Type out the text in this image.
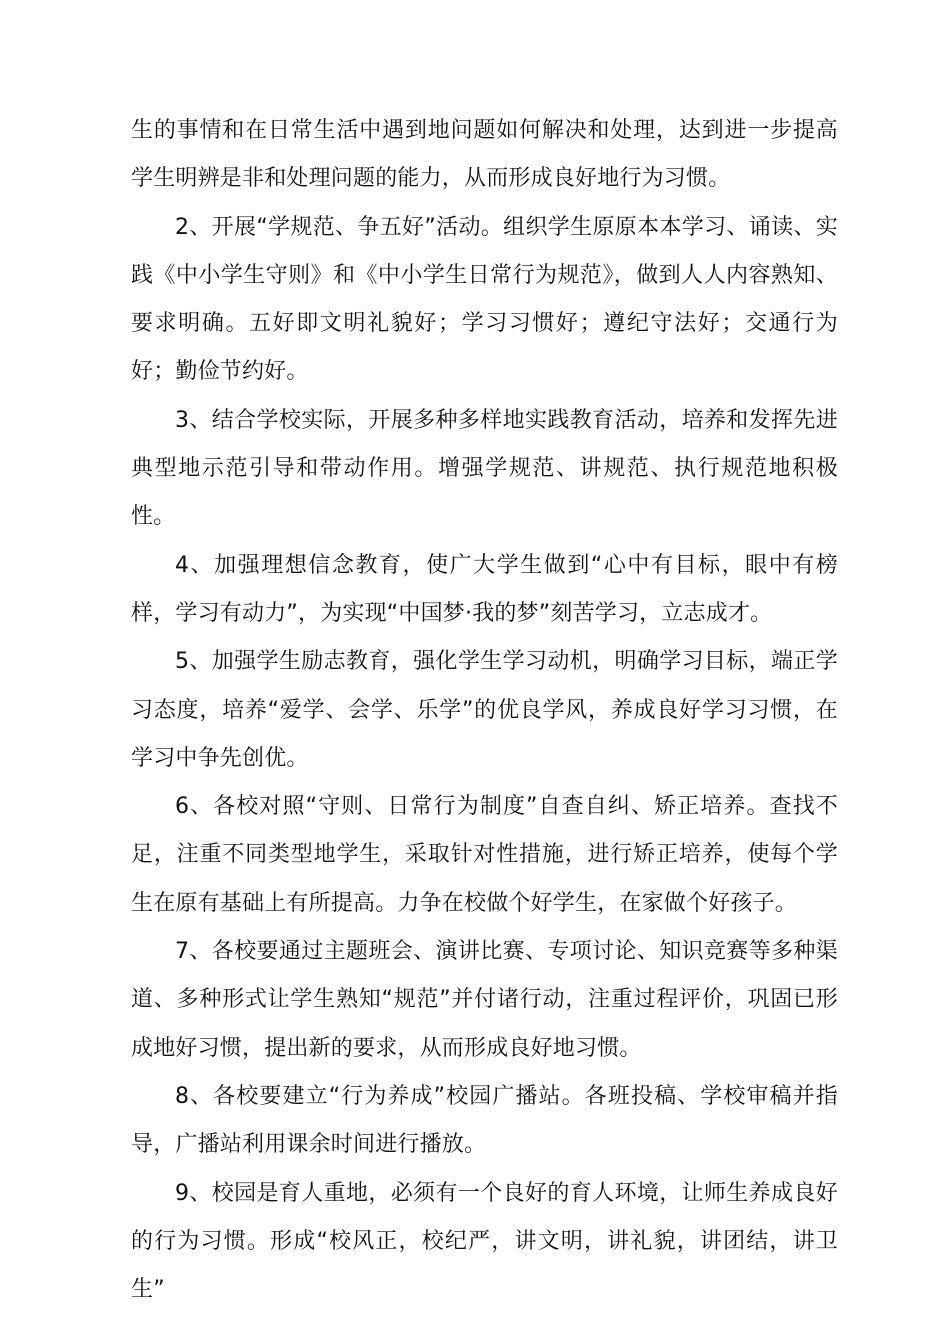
生的事情和在日常生活中遇到地问题如何解决和处理，达到进一步提高学生明辨是非和处理问题的能力，从而形成良好地行为习惯。

2、开展“学规范、争五好”活动。组织学生原原本本学习、诵读、实践《中小学生守则》和《中小学生日常行为规范》，做到人人内容熟知、要求明确。五好即文明礼貌好；学习习惯好；遵纪守法好；交通行为好；勤俭节约好。

3、结合学校实际，开展多种多样地实践教育活动，培养和发挥先进典型地示范引导和带动作用。增强学规范、讲规范、执行规范地积极性。

4、加强理想信念教育，使广大学生做到“心中有目标，眼中有榜样，学习有动力”，为实现“中国梦·我的梦”刻苦学习，立志成才。

5、加强学生励志教育，强化学生学习动机，明确学习目标，端正学习态度，培养“爱学、会学、乐学”的优良学风，养成良好学习习惯，在学习中争先创优。

6、各校对照“守则、日常行为制度”自查自纠、矫正培养。查找不足，注重不同类型地学生，采取针对性措施，进行矫正培养，使每个学生在原有基础上有所提高。力争在校做个好学生，在家做个好孩子。

7、各校要通过主题班会、演讲比赛、专项讨论、知识竞赛等多种渠道、多种形式让学生熟知“规范”并付诸行动，注重过程评价，巩固已形成地好习惯，提出新的要求，从而形成良好地习惯。

8、各校要建立“行为养成”校园广播站。各班投稿、学校审稿并指导，广播站利用课余时间进行播放。

9、校园是育人重地，必须有一个良好的育人环境，让师生养成良好的行为习惯。形成“校风正，校纪严，讲文明，讲礼貌，讲团结，讲卫生”
